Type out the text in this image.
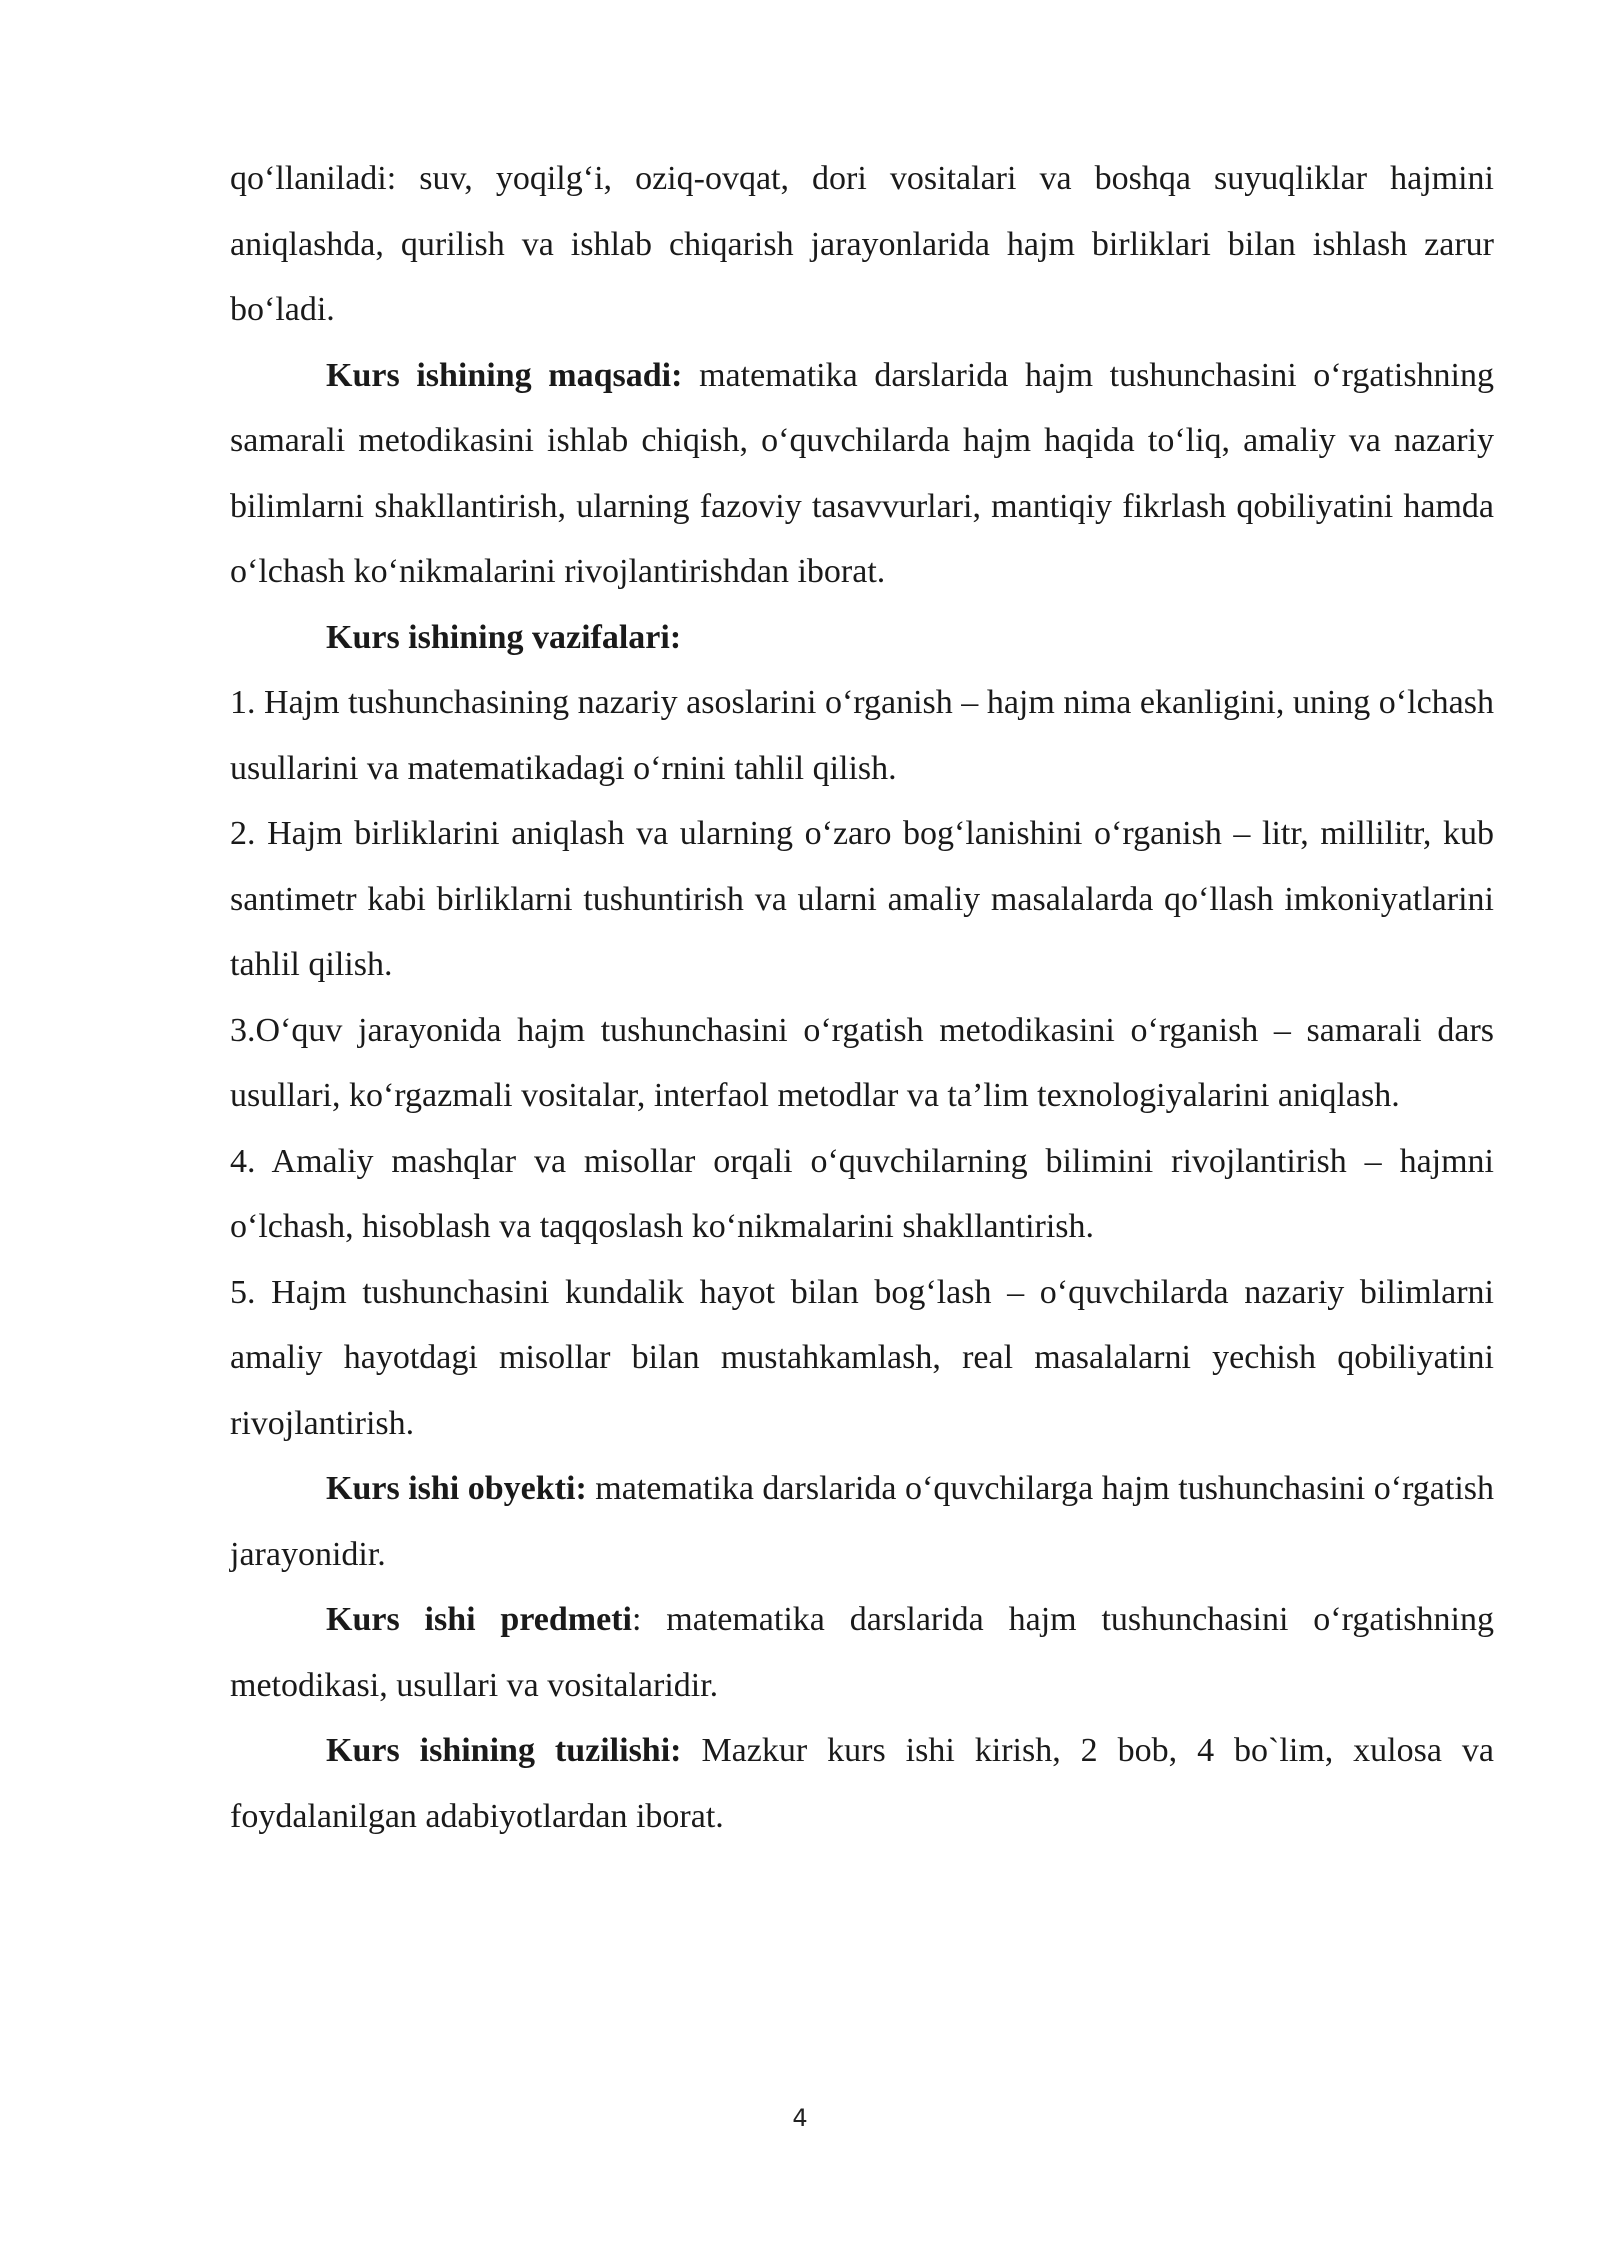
qo‘llaniladi: suv, yoqilg‘i, oziq-ovqat, dori vositalari va boshqa suyuqliklar hajmini aniqlashda, qurilish va ishlab chiqarish jarayonlarida hajm birliklari bilan ishlash zarur bo‘ladi.

Kurs ishining maqsadi: matematika darslarida hajm tushunchasini o‘rgatishning samarali metodikasini ishlab chiqish, o‘quvchilarda hajm haqida to‘liq, amaliy va nazariy bilimlarni shakllantirish, ularning fazoviy tasavvurlari, mantiqiy fikrlash qobiliyatini hamda o‘lchash ko‘nikmalarini rivojlantirishdan iborat.

Kurs ishining vazifalari:

1. Hajm tushunchasining nazariy asoslarini o‘rganish – hajm nima ekanligini, uning o‘lchash usullarini va matematikadagi o‘rnini tahlil qilish.

2. Hajm birliklarini aniqlash va ularning o‘zaro bog‘lanishini o‘rganish – litr, millilitr, kub santimetr kabi birliklarni tushuntirish va ularni amaliy masalalarda qo‘llash imkoniyatlarini tahlil qilish.

3.O‘quv jarayonida hajm tushunchasini o‘rgatish metodikasini o‘rganish – samarali dars usullari, ko‘rgazmali vositalar, interfaol metodlar va ta’lim texnologiyalarini aniqlash.

4. Amaliy mashqlar va misollar orqali o‘quvchilarning bilimini rivojlantirish – hajmni o‘lchash, hisoblash va taqqoslash ko‘nikmalarini shakllantirish.

5. Hajm tushunchasini kundalik hayot bilan bog‘lash – o‘quvchilarda nazariy bilimlarni amaliy hayotdagi misollar bilan mustahkamlash, real masalalarni yechish qobiliyatini rivojlantirish.

Kurs ishi obyekti: matematika darslarida o‘quvchilarga hajm tushunchasini o‘rgatish jarayonidir.

Kurs ishi predmeti: matematika darslarida hajm tushunchasini o‘rgatishning metodikasi, usullari va vositalaridir.

Kurs ishining tuzilishi: Mazkur kurs ishi kirish, 2 bob, 4 bo`lim, xulosa va foydalanilgan adabiyotlardan iborat.

4
